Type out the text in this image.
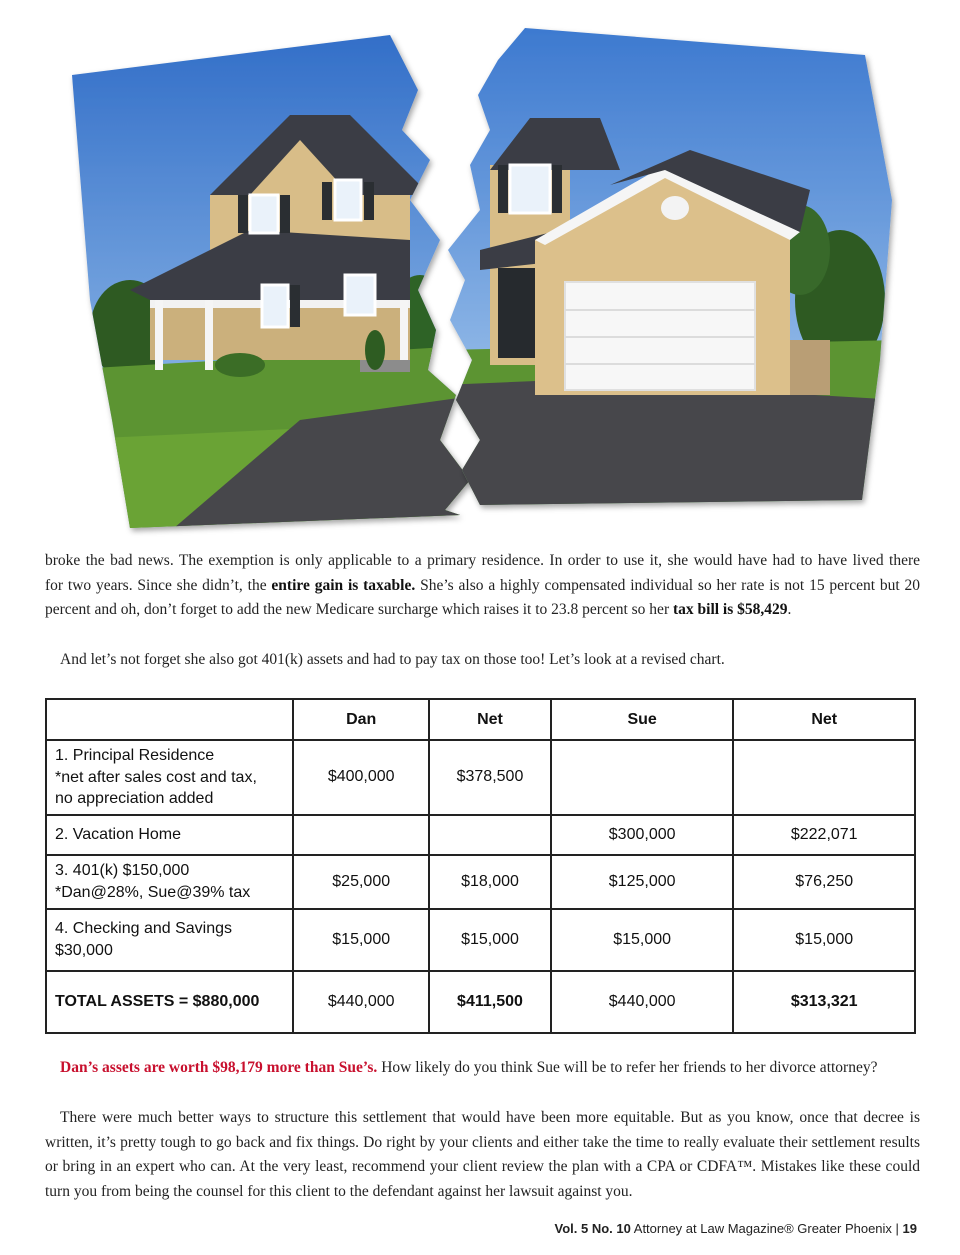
broke the bad news. The exemption is only applicable to a primary residence. In order to use it, she would have had to have lived there
for two years. Since she didn’t, the entire gain is taxable. She’s also a highly compensated individual so her rate is not 15 percent but 20
percent and oh, don’t forget to add the new Medicare surcharge which raises it to 23.8 percent so her tax bill is $58,429.
And let’s not forget she also got 401(k) assets and had to pay tax on those too! Let’s look at a revised chart.
	Dan	Net	Sue	Net

1. Principal Residence
*net after sales cost and tax,
no appreciation added	$400,000	$378,500		

2. Vacation Home			$300,000	$222,071

3. 401(k) $150,000
*Dan@28%, Sue@39% tax	$25,000	$18,000	$125,000	$76,250

4. Checking and Savings
$30,000	$15,000	$15,000	$15,000	$15,000
TOTAL ASSETS = $880,000	$440,000	$411,500	$440,000	$313,321
Dan’s assets are worth $98,179 more than Sue’s. How likely do you think Sue will be to refer her friends to her divorce attorney?
There were much better ways to structure this settlement that would have been more equitable. But as you know, once that decree is written, it’s pretty tough to go back and fix things. Do right by your clients and either take the time to really evaluate their settlement results or bring in an expert who can. At the very least, recommend your client review the plan with a CPA or CDFA™. Mistakes like these could turn you from being the counsel for this client to the defendant against her lawsuit against you.
Vol. 5 No. 10 Attorney at Law Magazine® Greater Phoenix | 19
